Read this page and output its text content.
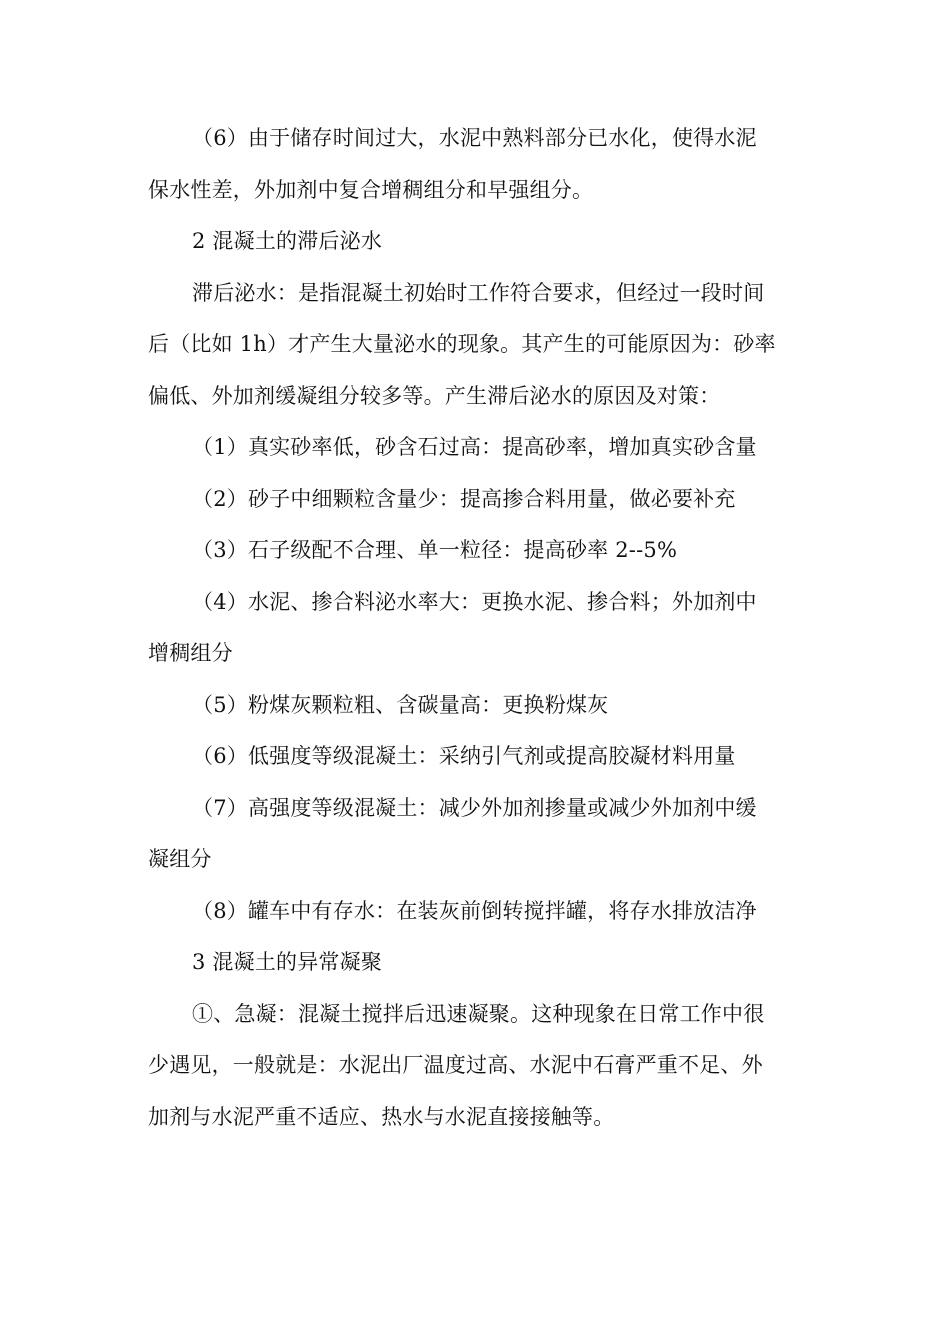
（6）由于储存时间过大，水泥中熟料部分已水化，使得水泥
保水性差，外加剂中复合增稠组分和早强组分。
2 混凝土的滞后泌水
滞后泌水：是指混凝土初始时工作符合要求，但经过一段时间
后（比如 1h）才产生大量泌水的现象。其产生的可能原因为：砂率
偏低、外加剂缓凝组分较多等。产生滞后泌水的原因及对策：
（1）真实砂率低，砂含石过高：提高砂率，增加真实砂含量
（2）砂子中细颗粒含量少：提高掺合料用量，做必要补充
（3）石子级配不合理、单一粒径：提高砂率 2--5%
（4）水泥、掺合料泌水率大：更换水泥、掺合料；外加剂中
增稠组分
（5）粉煤灰颗粒粗、含碳量高：更换粉煤灰
（6）低强度等级混凝土：采纳引气剂或提高胶凝材料用量
（7）高强度等级混凝土：减少外加剂掺量或减少外加剂中缓
凝组分
（8）罐车中有存水：在装灰前倒转搅拌罐，将存水排放洁净
3 混凝土的异常凝聚
①、急凝：混凝土搅拌后迅速凝聚。这种现象在日常工作中很
少遇见，一般就是：水泥出厂温度过高、水泥中石膏严重不足、外
加剂与水泥严重不适应、热水与水泥直接接触等。
